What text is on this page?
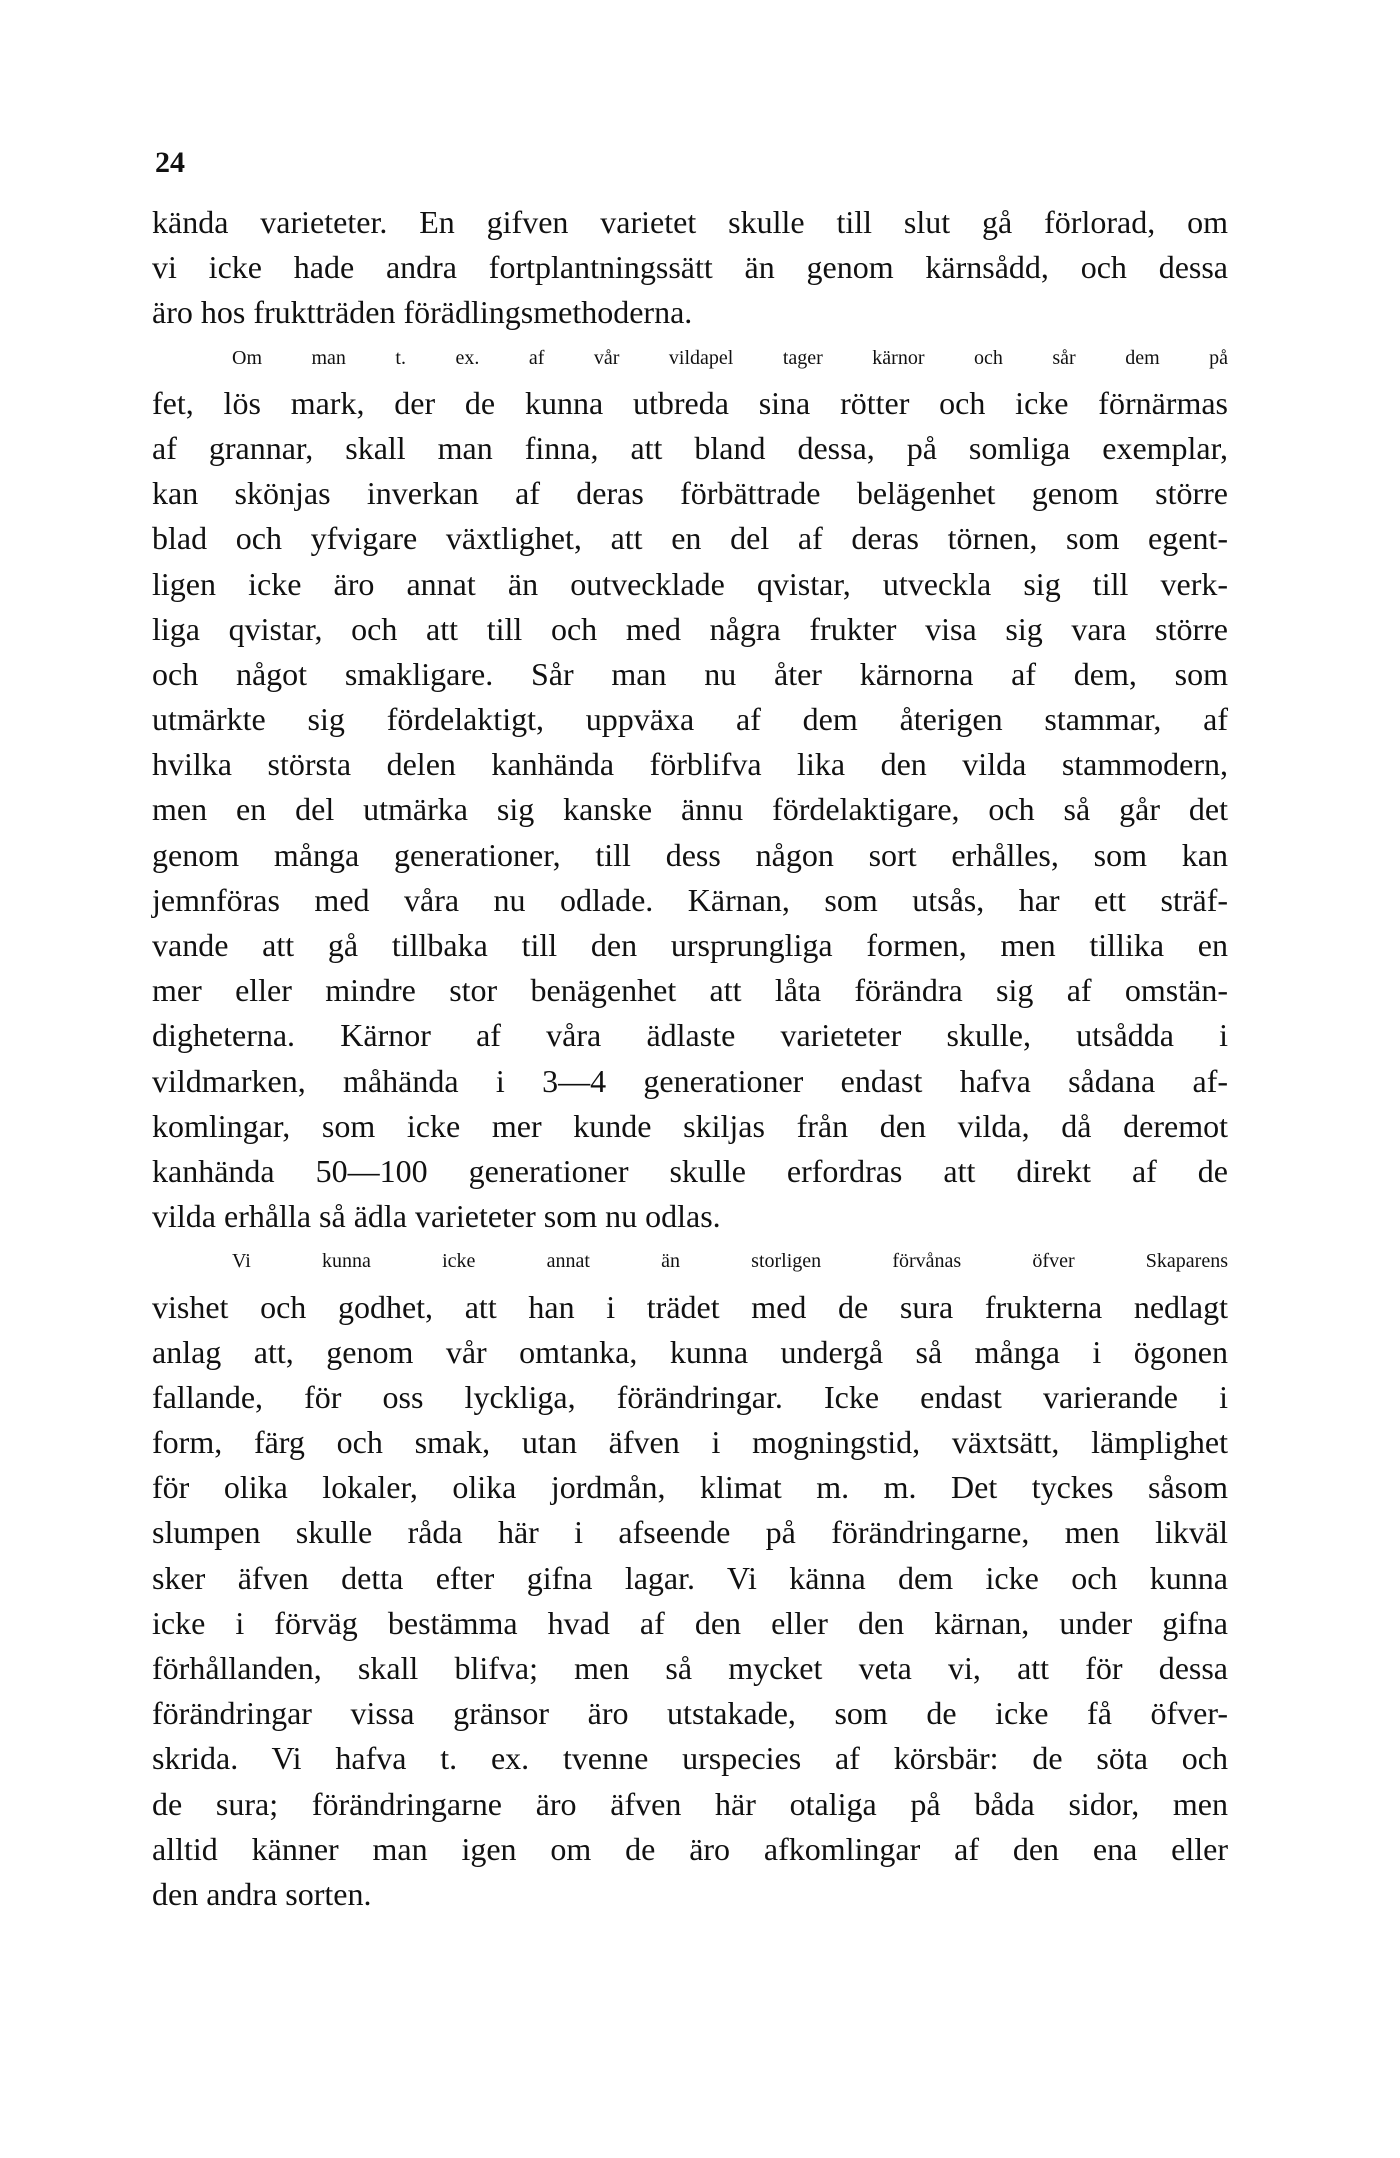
24
kända varieteter. En gifven varietet skulle till slut gå förlorad, om
vi icke hade andra fortplantningssätt än genom kärnsådd, och dessa
äro hos fruktträden förädlingsmethoderna.
Om man t. ex. af vår vildapel tager kärnor och sår dem på
fet, lös mark, der de kunna utbreda sina rötter och icke förnärmas
af grannar, skall man finna, att bland dessa, på somliga exemplar,
kan skönjas inverkan af deras förbättrade belägenhet genom större
blad och yfvigare växtlighet, att en del af deras törnen, som egent-
ligen icke äro annat än outvecklade qvistar, utveckla sig till verk-
liga qvistar, och att till och med några frukter visa sig vara större
och något smakligare. Sår man nu åter kärnorna af dem, som
utmärkte sig fördelaktigt, uppväxa af dem återigen stammar, af
hvilka största delen kanhända förblifva lika den vilda stammodern,
men en del utmärka sig kanske ännu fördelaktigare, och så går det
genom många generationer, till dess någon sort erhålles, som kan
jemnföras med våra nu odlade. Kärnan, som utsås, har ett sträf-
vande att gå tillbaka till den ursprungliga formen, men tillika en
mer eller mindre stor benägenhet att låta förändra sig af omstän-
digheterna. Kärnor af våra ädlaste varieteter skulle, utsådda i
vildmarken, måhända i 3—4 generationer endast hafva sådana af-
komlingar, som icke mer kunde skiljas från den vilda, då deremot
kanhända 50—100 generationer skulle erfordras att direkt af de
vilda erhålla så ädla varieteter som nu odlas.
Vi kunna icke annat än storligen förvånas öfver Skaparens
vishet och godhet, att han i trädet med de sura frukterna nedlagt
anlag att, genom vår omtanka, kunna undergå så många i ögonen
fallande, för oss lyckliga, förändringar. Icke endast varierande i
form, färg och smak, utan äfven i mogningstid, växtsätt, lämplighet
för olika lokaler, olika jordmån, klimat m. m. Det tyckes såsom
slumpen skulle råda här i afseende på förändringarne, men likväl
sker äfven detta efter gifna lagar. Vi känna dem icke och kunna
icke i förväg bestämma hvad af den eller den kärnan, under gifna
förhållanden, skall blifva; men så mycket veta vi, att för dessa
förändringar vissa gränsor äro utstakade, som de icke få öfver-
skrida. Vi hafva t. ex. tvenne urspecies af körsbär: de söta och
de sura; förändringarne äro äfven här otaliga på båda sidor, men
alltid känner man igen om de äro afkomlingar af den ena eller
den andra sorten.
